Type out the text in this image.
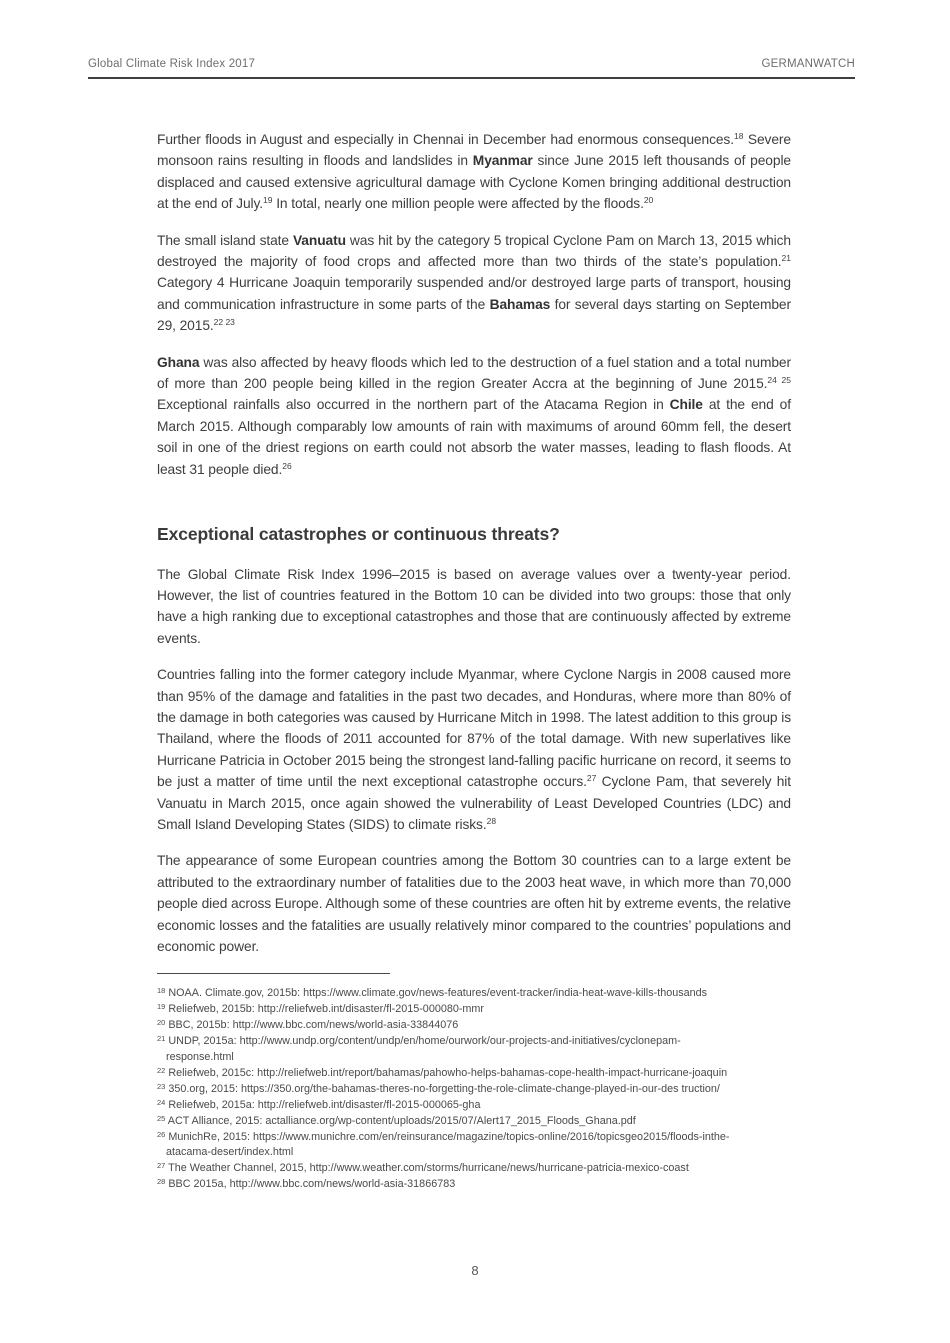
Global Climate Risk Index 2017	GERMANWATCH

Further floods in August and especially in Chennai in December had enormous consequences.$^{18}$ Severe monsoon rains resulting in floods and landslides in Myanmar since June 2015 left thousands of people displaced and caused extensive agricultural damage with Cyclone Komen bringing additional destruction at the end of July.$^{19}$ In total, nearly one million people were affected by the floods.$^{20}$

The small island state Vanuatu was hit by the category 5 tropical Cyclone Pam on March 13, 2015 which destroyed the majority of food crops and affected more than two thirds of the state’s population.$^{21}$ Category 4 Hurricane Joaquin temporarily suspended and/or destroyed large parts of transport, housing and communication infrastructure in some parts of the Bahamas for several days starting on September 29, 2015.$^{22 23}$

Ghana was also affected by heavy floods which led to the destruction of a fuel station and a total number of more than 200 people being killed in the region Greater Accra at the beginning of June 2015.$^{24 25}$ Exceptional rainfalls also occurred in the northern part of the Atacama Region in Chile at the end of March 2015. Although comparably low amounts of rain with maximums of around 60mm fell, the desert soil in one of the driest regions on earth could not absorb the water masses, leading to flash floods. At least 31 people died.$^{26}$

Exceptional catastrophes or continuous threats?

The Global Climate Risk Index 1996–2015 is based on average values over a twenty-year period. However, the list of countries featured in the Bottom 10 can be divided into two groups: those that only have a high ranking due to exceptional catastrophes and those that are continuously affected by extreme events.

Countries falling into the former category include Myanmar, where Cyclone Nargis in 2008 caused more than 95% of the damage and fatalities in the past two decades, and Honduras, where more than 80% of the damage in both categories was caused by Hurricane Mitch in 1998. The latest addition to this group is Thailand, where the floods of 2011 accounted for 87% of the total damage. With new superlatives like Hurricane Patricia in October 2015 being the strongest land-falling pacific hurricane on record, it seems to be just a matter of time until the next exceptional catastrophe occurs.$^{27}$ Cyclone Pam, that severely hit Vanuatu in March 2015, once again showed the vulnerability of Least Developed Countries (LDC) and Small Island Developing States (SIDS) to climate risks.$^{28}$

The appearance of some European countries among the Bottom 30 countries can to a large extent be attributed to the extraordinary number of fatalities due to the 2003 heat wave, in which more than 70,000 people died across Europe. Although some of these countries are often hit by extreme events, the relative economic losses and the fatalities are usually relatively minor compared to the countries’ populations and economic power.

$^{18}$ NOAA. Climate.gov, 2015b: https://www.climate.gov/news-features/event-tracker/india-heat-wave-kills-thousands
$^{19}$ Reliefweb, 2015b: http://reliefweb.int/disaster/fl-2015-000080-mmr
$^{20}$ BBC, 2015b: http://www.bbc.com/news/world-asia-33844076
$^{21}$ UNDP, 2015a: http://www.undp.org/content/undp/en/home/ourwork/our-projects-and-initiatives/cyclonepam-
response.html
$^{22}$ Reliefweb, 2015c: http://reliefweb.int/report/bahamas/pahowho-helps-bahamas-cope-health-impact-hurricane-joaquin
$^{23}$ 350.org, 2015: https://350.org/the-bahamas-theres-no-forgetting-the-role-climate-change-played-in-our-des truction/
$^{24}$ Reliefweb, 2015a: http://reliefweb.int/disaster/fl-2015-000065-gha
$^{25}$ ACT Alliance, 2015: actalliance.org/wp-content/uploads/2015/07/Alert17_2015_Floods_Ghana.pdf
$^{26}$ MunichRe, 2015: https://www.munichre.com/en/reinsurance/magazine/topics-online/2016/topicsgeo2015/floods-inthe-
atacama-desert/index.html
$^{27}$ The Weather Channel, 2015, http://www.weather.com/storms/hurricane/news/hurricane-patricia-mexico-coast
$^{28}$ BBC 2015a, http://www.bbc.com/news/world-asia-31866783
8
